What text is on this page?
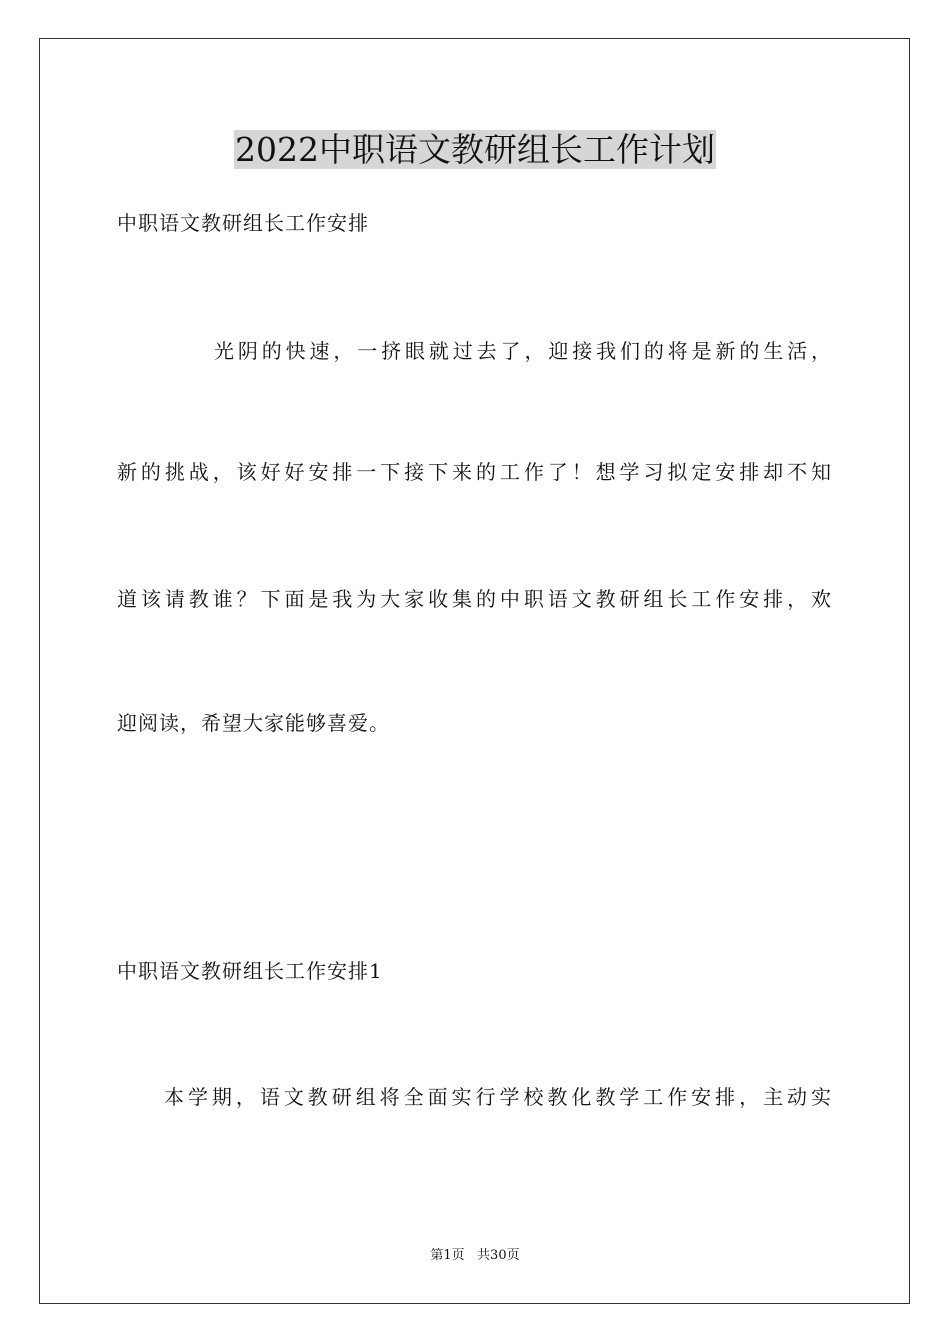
2022中职语文教研组长工作计划
中职语文教研组长工作安排
光阴的快速，一挤眼就过去了，迎接我们的将是新的生活，
新的挑战，该好好安排一下接下来的工作了！想学习拟定安排却不知
道该请教谁？下面是我为大家收集的中职语文教研组长工作安排，欢
迎阅读，希望大家能够喜爱。
中职语文教研组长工作安排1
本学期，语文教研组将全面实行学校教化教学工作安排，主动实
第1页   共30页
